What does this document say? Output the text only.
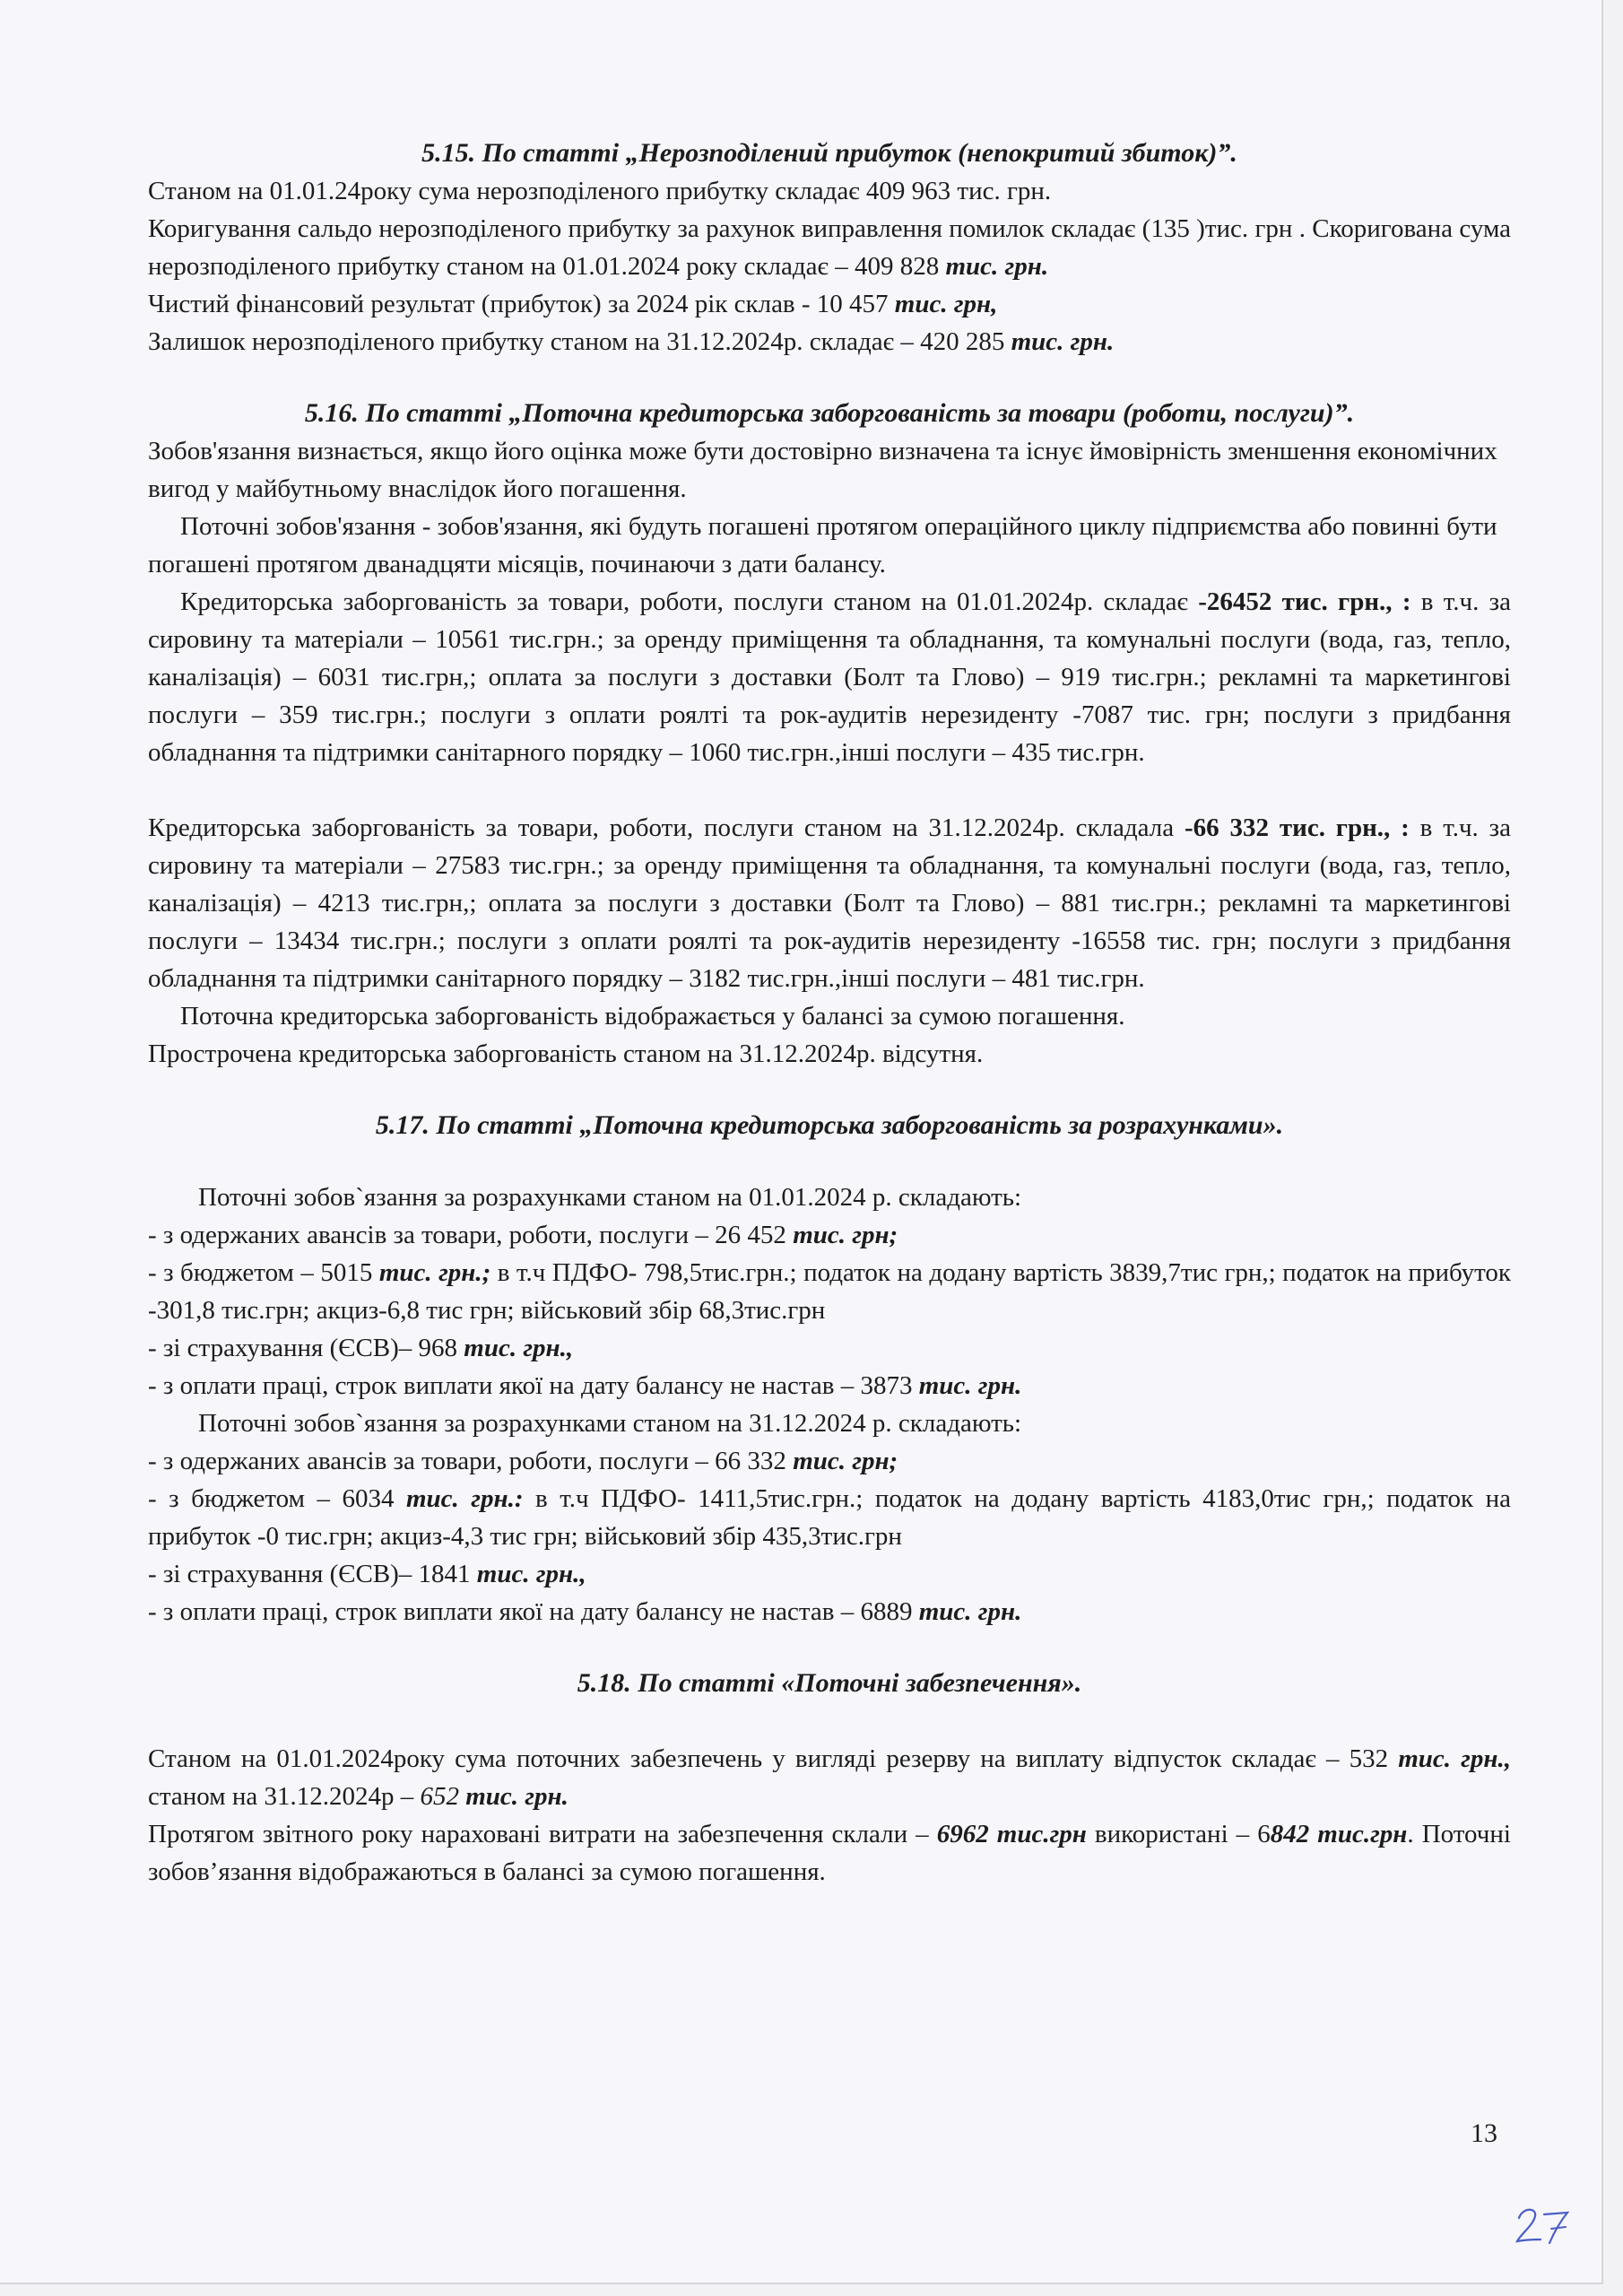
5.15. По статті „Нерозподілений прибуток (непокритий збиток)”.

Станом на 01.01.24року сума нерозподіленого прибутку складає 409 963 тис. грн.

Коригування сальдо нерозподіленого прибутку за рахунок виправлення помилок складає (135 )тис. грн . Скоригована сума нерозподіленого прибутку станом на 01.01.2024 року складає – 409 828 тис. грн.

Чистий фінансовий результат (прибуток) за 2024 рік склав - 10 457 тис. грн,

Залишок нерозподіленого прибутку станом на 31.12.2024р. складає – 420 285 тис. грн.

5.16. По статті „Поточна кредиторська заборгованість за товари (роботи, послуги)”.

Зобов'язання визнається, якщо його оцінка може бути достовірно визначена та існує ймовірність зменшення економічних вигод у майбутньому внаслідок його погашення.

Поточні зобов'язання - зобов'язання, які будуть погашені протягом операційного циклу підприємства або повинні бути погашені протягом дванадцяти місяців, починаючи з дати балансу.

Кредиторська заборгованість за товари, роботи, послуги станом на 01.01.2024р. складає -26452 тис. грн., : в т.ч. за сировину та матеріали – 10561 тис.грн.; за оренду приміщення та обладнання, та комунальні послуги (вода, газ, тепло, каналізація) – 6031 тис.грн,; оплата за послуги з доставки (Болт та Глово) – 919 тис.грн.; рекламні та маркетингові послуги – 359 тис.грн.; послуги з оплати роялті та рок-аудитів нерезиденту -7087 тис. грн; послуги з придбання обладнання та підтримки санітарного порядку – 1060 тис.грн.,інші послуги – 435 тис.грн.

Кредиторська заборгованість за товари, роботи, послуги станом на 31.12.2024р. складала -66 332 тис. грн., : в т.ч. за сировину та матеріали – 27583 тис.грн.; за оренду приміщення та обладнання, та комунальні послуги (вода, газ, тепло, каналізація) – 4213 тис.грн,; оплата за послуги з доставки (Болт та Глово) – 881 тис.грн.; рекламні та маркетингові послуги – 13434 тис.грн.; послуги з оплати роялті та рок-аудитів нерезиденту -16558 тис. грн; послуги з придбання обладнання та підтримки санітарного порядку – 3182 тис.грн.,інші послуги – 481 тис.грн.

Поточна кредиторська заборгованість відображається у балансі за сумою погашення.

Прострочена кредиторська заборгованість станом на 31.12.2024р. відсутня.

5.17. По статті „Поточна кредиторська заборгованість за розрахунками».

Поточні зобов`язання за розрахунками станом на 01.01.2024 р. складають:

- з одержаних авансів за товари, роботи, послуги – 26 452 тис. грн;

- з бюджетом – 5015 тис. грн.; в т.ч ПДФО- 798,5тис.грн.; податок на додану вартість 3839,7тис грн,; податок на прибуток -301,8 тис.грн; акциз-6,8 тис грн; військовий збір 68,3тис.грн

- зі страхування (ЄСВ)– 968 тис. грн.,

- з оплати праці, строк виплати якої на дату балансу не настав – 3873 тис. грн.

Поточні зобов`язання за розрахунками станом на 31.12.2024 р. складають:

- з одержаних авансів за товари, роботи, послуги – 66 332 тис. грн;

- з бюджетом – 6034 тис. грн.: в т.ч ПДФО- 1411,5тис.грн.; податок на додану вартість 4183,0тис грн,; податок на прибуток -0 тис.грн; акциз-4,3 тис грн; військовий збір 435,3тис.грн

- зі страхування (ЄСВ)– 1841 тис. грн.,

- з оплати праці, строк виплати якої на дату балансу не настав – 6889 тис. грн.

5.18. По статті «Поточні забезпечення».

Станом на 01.01.2024року сума поточних забезпечень у вигляді резерву на виплату відпусток складає – 532 тис. грн., станом на 31.12.2024р – 652 тис. грн.

Протягом звітного року нараховані витрати на забезпечення склали – 6962 тис.грн використані – 6842 тис.грн. Поточні зобов’язання відображаються в балансі за сумою погашення.

13
